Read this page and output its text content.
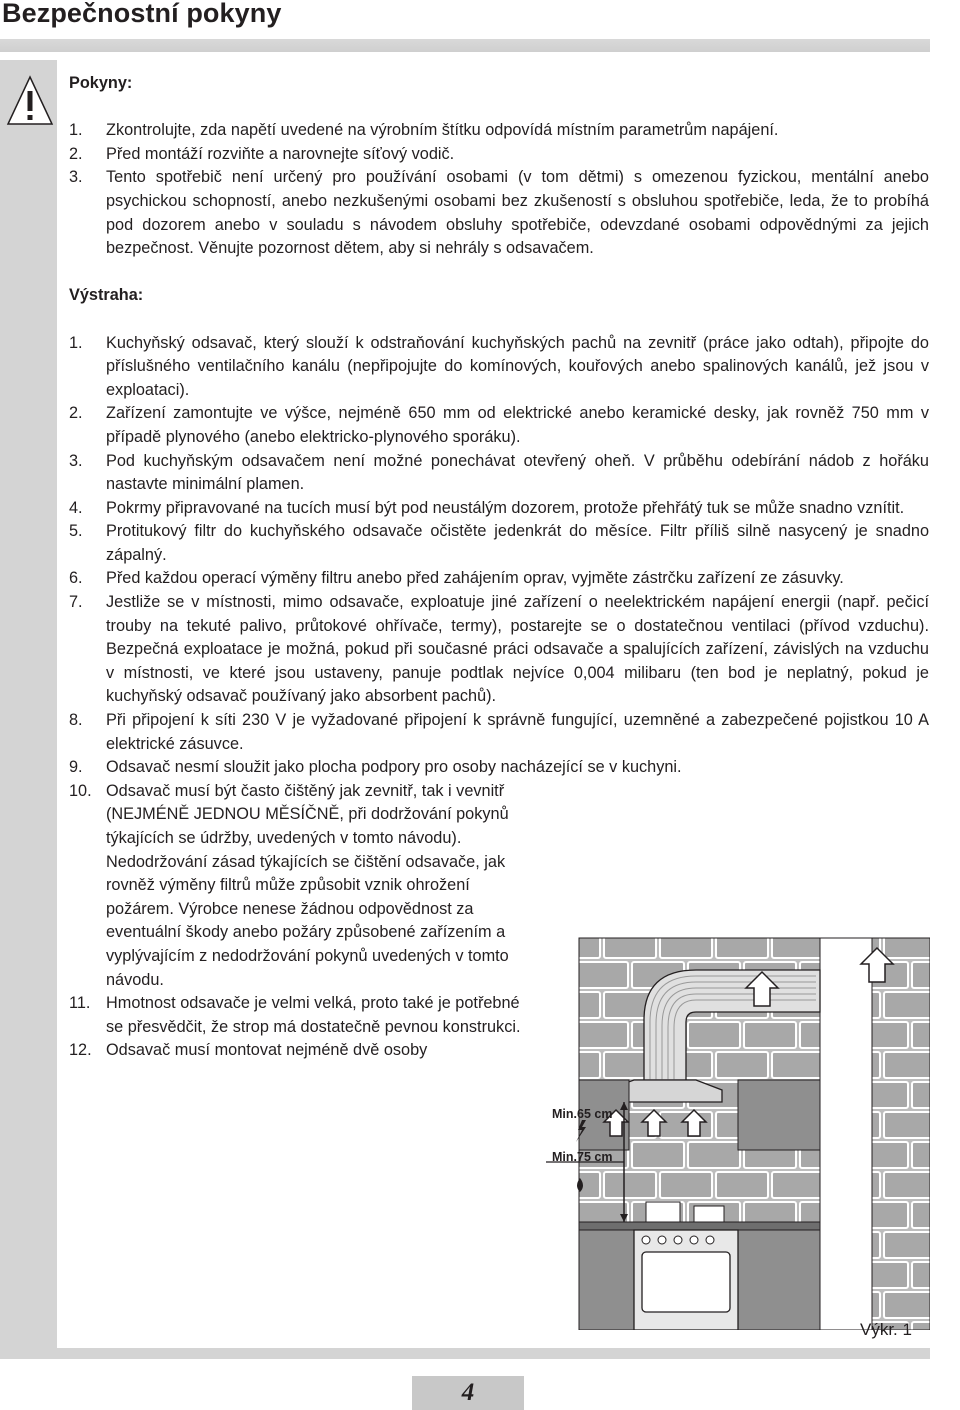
Bezpečnostní pokyny
Pokyny:
1.	Zkontrolujte, zda napětí uvedené na výrobním štítku odpovídá místním parametrům napájení.
2.	Před montáží rozviňte a narovnejte síťový vodič.
3.	Tento spotřebič není určený pro používání osobami (v tom dětmi) s omezenou fyzickou, mentální anebo psychickou schopností, anebo nezkušenými osobami bez zkušeností s obsluhou spotřebiče, leda, že to probíhá pod dozorem anebo v souladu s návodem obsluhy spotřebiče, odevzdané osobami odpovědnými za jejich bezpečnost. Věnujte pozornost dětem, aby si nehrály s odsavačem.
Výstraha:
1.	Kuchyňský odsavač, který slouží k odstraňování kuchyňských pachů na zevnitř (práce jako odtah), připojte do příslušného ventilačního kanálu (nepřipojujte do komínových, kouřových anebo spalinových kanálů, jež jsou v exploataci).
2.	Zařízení zamontujte ve výšce, nejméně 650 mm od elektrické anebo keramické desky, jak rovněž 750 mm v případě plynového (anebo elektricko-plynového sporáku).
3.	Pod kuchyňským odsavačem není možné ponechávat otevřený oheň. V průběhu odebírání nádob z hořáku nastavte minimální plamen.
4.	Pokrmy připravované na tucích musí být pod neustálým dozorem, protože přehřátý tuk se může snadno vznítit.
5.	Protitukový filtr do kuchyňského odsavače očistěte jedenkrát do měsíce. Filtr příliš silně nasycený je snadno zápalný.
6.	Před každou operací výměny filtru anebo před zahájením oprav, vyjměte zástrčku zařízení ze zásuvky.
7.	Jestliže se v místnosti, mimo odsavače, exploatuje jiné zařízení o neelektrickém napájení energii (např. pečicí trouby na tekuté palivo, průtokové ohřívače, termy), postarejte se o dostatečnou ventilaci (přívod vzduchu). Bezpečná exploatace je možná, pokud při současné práci odsavače a spalujících zařízení, závislých na vzduchu v místnosti, ve které jsou ustaveny, panuje podtlak nejvíce 0,004 milibaru (ten bod je neplatný, pokud je kuchyňský odsavač používaný jako absorbent pachů).
8.	Při připojení k síti 230 V je vyžadované připojení k správně fungující, uzemněné a zabezpečené pojistkou 10 A elektrické zásuvce.
9.	Odsavač nesmí sloužit jako plocha podpory pro osoby nacházející se v kuchyni.
10. Odsavač musí být často čištěný jak zevnitř, tak i vevnitř (NEJMÉNĚ JEDNOU MĚSÍČNĚ, při dodržování pokynů týkajících se údržby, uvedených v tomto návodu). Nedodržování zásad týkajících se čištění odsavače, jak rovněž výměny filtrů může způsobit vznik ohrožení požárem. Výrobce nenese žádnou odpovědnost za eventuální škody anebo požáry způsobené zařízením a vyplývajícím z nedodržování pokynů uvedených v tomto návodu.
11. Hmotnost odsavače je velmi velká, proto také je potřebné se přesvědčit, že strop má dostatečně pevnou konstrukci.
12. Odsavač musí montovat nejméně dvě osoby
Min.65 cm
Min.75 cm
Výkr. 1
4
